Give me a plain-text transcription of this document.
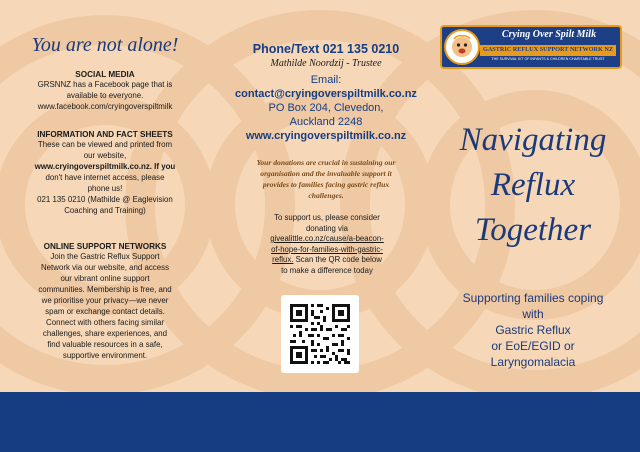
You are not alone!
SOCIAL MEDIA
GRSNNZ has a Facebook page that is
available to everyone.
www.facebook.com/cryingoverspiltmilk
INFORMATION AND FACT SHEETS
These can be viewed and printed from
our website,
www.cryingoverspiltmilk.co.nz. If you
don't have internet access, please
phone us!
021 135 0210 (Mathilde @ Eaglevision
Coaching and Training)
ONLINE SUPPORT NETWORKS
Join the Gastric Reflux Support
Network via our website, and access
our vibrant online support
communities. Membership is free, and
we prioritise your privacy—we never
spam or exchange contact details.
Connect with others facing similar
challenges, share experiences, and
find valuable resources in a safe,
supportive environment.
Phone/Text 021 135 0210
Mathilde Noordzij - Trustee
Email:
contact@cryingoverspiltmilk.co.nz
PO Box 204, Clevedon,
Auckland 2248
www.cryingoverspiltmilk.co.nz
Your donations are crucial in sustaining our
organisation and the invaluable support it
provides to families facing gastric reflux
challenges.
To support us, please consider
donating via
givealittle.co.nz/cause/a-beacon-
of-hope-for-families-with-gastric-
reflux. Scan the QR code below
to make a difference today
Crying Over Spilt Milk
GASTRIC REFLUX SUPPORT NETWORK NZ
THE SURVIVAL KIT OF INFANTS & CHILDREN CHARITABLE TRUST
Navigating
Reflux
Together
Supporting families coping
with
Gastric Reflux
or EoE/EGID or
Laryngomalacia
